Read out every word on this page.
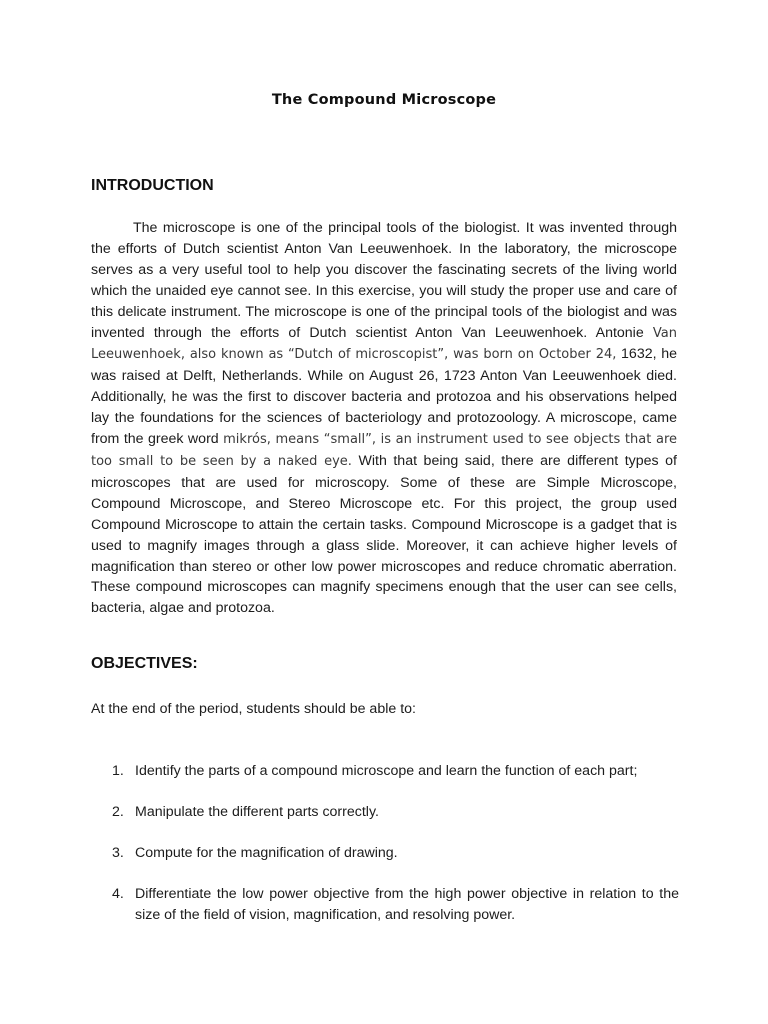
The Compound Microscope
INTRODUCTION

The microscope is one of the principal tools of the biologist. It was invented through the efforts of Dutch scientist Anton Van Leeuwenhoek. In the laboratory, the microscope serves as a very useful tool to help you discover the fascinating secrets of the living world which the unaided eye cannot see. In this exercise, you will study the proper use and care of this delicate instrument. The microscope is one of the principal tools of the biologist and was invented through the efforts of Dutch scientist Anton Van Leeuwenhoek. Antonie Van Leeuwenhoek, also known as “Dutch of microscopist”, was born on October 24, 1632, he was raised at Delft, Netherlands. While on August 26, 1723 Anton Van Leeuwenhoek died. Additionally, he was the first to discover bacteria and protozoa and his observations helped lay the foundations for the sciences of bacteriology and protozoology. A microscope, came from the greek word mikrós, means “small”, is an instrument used to see objects that are too small to be seen by a naked eye. With that being said, there are different types of microscopes that are used for microscopy. Some of these are Simple Microscope, Compound Microscope, and Stereo Microscope etc. For this project, the group used Compound Microscope to attain the certain tasks. Compound Microscope is a gadget that is used to magnify images through a glass slide. Moreover, it can achieve higher levels of magnification than stereo or other low power microscopes and reduce chromatic aberration. These compound microscopes can magnify specimens enough that the user can see cells, bacteria, algae and protozoa.

OBJECTIVES:

At the end of the period, students should be able to:

1. Identify the parts of a compound microscope and learn the function of each part;
2. Manipulate the different parts correctly.
3. Compute for the magnification of drawing.
4. Differentiate the low power objective from the high power objective in relation to the size of the field of vision, magnification, and resolving power.
